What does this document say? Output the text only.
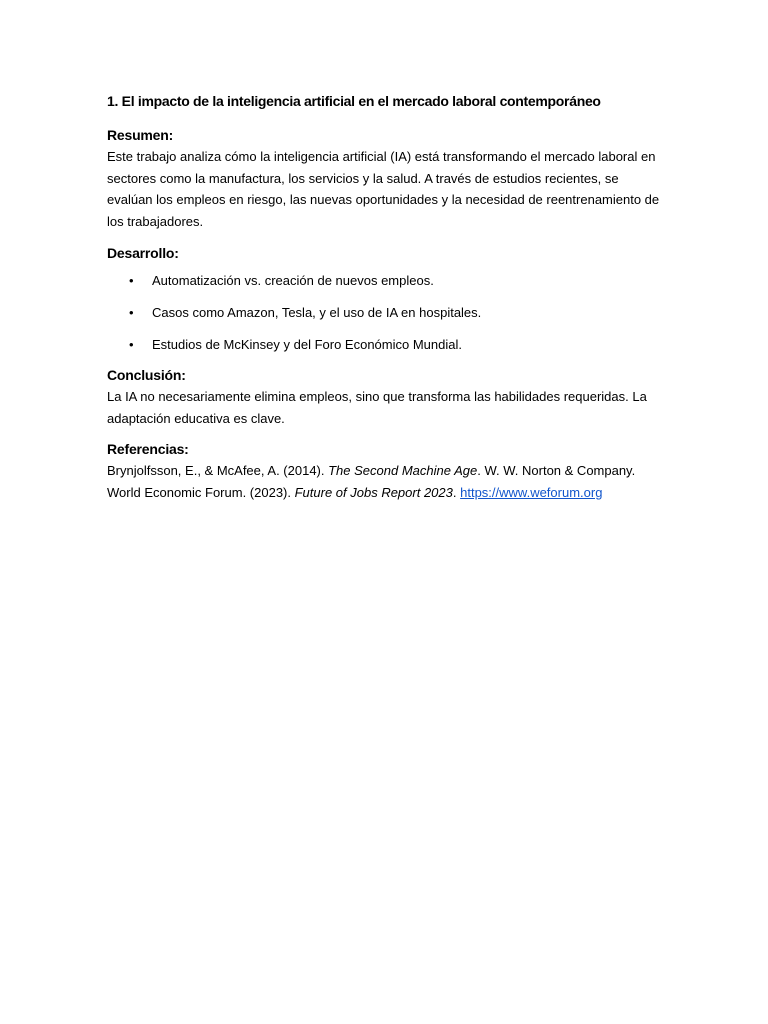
1. El impacto de la inteligencia artificial en el mercado laboral contemporáneo
Resumen:

Este trabajo analiza cómo la inteligencia artificial (IA) está transformando el mercado laboral en sectores como la manufactura, los servicios y la salud. A través de estudios recientes, se evalúan los empleos en riesgo, las nuevas oportunidades y la necesidad de reentrenamiento de los trabajadores.

Desarrollo:
• Automatización vs. creación de nuevos empleos.
• Casos como Amazon, Tesla, y el uso de IA en hospitales.
• Estudios de McKinsey y del Foro Económico Mundial.
Conclusión:

La IA no necesariamente elimina empleos, sino que transforma las habilidades requeridas. La adaptación educativa es clave.

Referencias:

Brynjolfsson, E., & McAfee, A. (2014). The Second Machine Age. W. W. Norton & Company.

World Economic Forum. (2023). Future of Jobs Report 2023. https://www.weforum.org
